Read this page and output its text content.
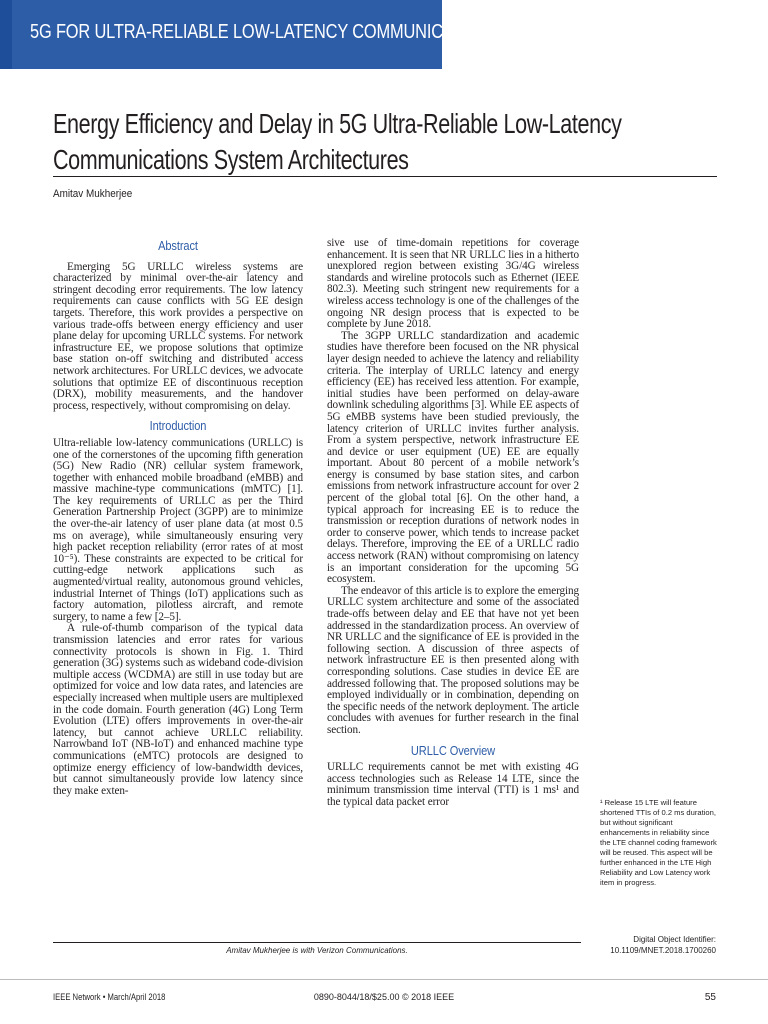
5G FOR ULTRA-RELIABLE LOW-LATENCY COMMUNICATIONS
Energy Efficiency and Delay in 5G Ultra-Reliable Low-Latency Communications System Architectures
Amitav Mukherjee
Abstract

Emerging 5G URLLC wireless systems are characterized by minimal over-the-air latency and stringent decoding error requirements. The low latency requirements can cause conflicts with 5G EE design targets. Therefore, this work provides a perspective on various trade-offs between energy efficiency and user plane delay for upcoming URLLC systems. For network infrastructure EE, we propose solutions that optimize base station on-off switching and distributed access network architectures. For URLLC devices, we advocate solutions that optimize EE of discontinuous reception (DRX), mobility measurements, and the handover process, respectively, without compromising on delay.

Introduction

Ultra-reliable low-latency communications (URLLC) is one of the cornerstones of the upcoming fifth generation (5G) New Radio (NR) cellular system framework, together with enhanced mobile broadband (eMBB) and massive machine-type communications (mMTC) [1]. The key requirements of URLLC as per the Third Generation Partnership Project (3GPP) are to minimize the over-the-air latency of user plane data (at most 0.5 ms on average), while simultaneously ensuring very high packet reception reliability (error rates of at most 10⁻⁵). These constraints are expected to be critical for cutting-edge network applications such as augmented/virtual reality, autonomous ground vehicles, industrial Internet of Things (IoT) applications such as factory automation, pilotless aircraft, and remote surgery, to name a few [2–5].

A rule-of-thumb comparison of the typical data transmission latencies and error rates for various connectivity protocols is shown in Fig. 1. Third generation (3G) systems such as wideband code-division multiple access (WCDMA) are still in use today but are optimized for voice and low data rates, and latencies are especially increased when multiple users are multiplexed in the code domain. Fourth generation (4G) Long Term Evolution (LTE) offers improvements in over-the-air latency, but cannot achieve URLLC reliability. Narrowband IoT (NB-IoT) and enhanced machine type communications (eMTC) protocols are designed to optimize energy efficiency of low-bandwidth devices, but cannot simultaneously provide low latency since they make exten-

sive use of time-domain repetitions for coverage enhancement. It is seen that NR URLLC lies in a hitherto unexplored region between existing 3G/4G wireless standards and wireline protocols such as Ethernet (IEEE 802.3). Meeting such stringent new requirements for a wireless access technology is one of the challenges of the ongoing NR design process that is expected to be complete by June 2018.

The 3GPP URLLC standardization and academic studies have therefore been focused on the NR physical layer design needed to achieve the latency and reliability criteria. The interplay of URLLC latency and energy efficiency (EE) has received less attention. For example, initial studies have been performed on delay-aware downlink scheduling algorithms [3]. While EE aspects of 5G eMBB systems have been studied previously, the latency criterion of URLLC invites further analysis. From a system perspective, network infrastructure EE and device or user equipment (UE) EE are equally important. About 80 percent of a mobile network’s energy is consumed by base station sites, and carbon emissions from network infrastructure account for over 2 percent of the global total [6]. On the other hand, a typical approach for increasing EE is to reduce the transmission or reception durations of network nodes in order to conserve power, which tends to increase packet delays. Therefore, improving the EE of a URLLC radio access network (RAN) without compromising on latency is an important consideration for the upcoming 5G ecosystem.

The endeavor of this article is to explore the emerging URLLC system architecture and some of the associated trade-offs between delay and EE that have not yet been addressed in the standardization process. An overview of NR URLLC and the significance of EE is provided in the following section. A discussion of three aspects of network infrastructure EE is then presented along with corresponding solutions. Case studies in device EE are addressed following that. The proposed solutions may be employed individually or in combination, depending on the specific needs of the network deployment. The article concludes with avenues for further research in the final section.

URLLC Overview

URLLC requirements cannot be met with existing 4G access technologies such as Release 14 LTE, since the minimum transmission time interval (TTI) is 1 ms¹ and the typical data packet error	¹ Release 15 LTE will feature shortened TTIs of 0.2 ms duration, but without significant enhancements in reliability since the LTE channel coding framework will be reused. This aspect will be further enhanced in the LTE High Reliability and Low Latency work item in progress.
Digital Object Identifier:
10.1109/MNET.2018.1700260
Amitav Mukherjee is with Verizon Communications.
IEEE Network • March/April 2018	0890-8044/18/$25.00 © 2018 IEEE	55
